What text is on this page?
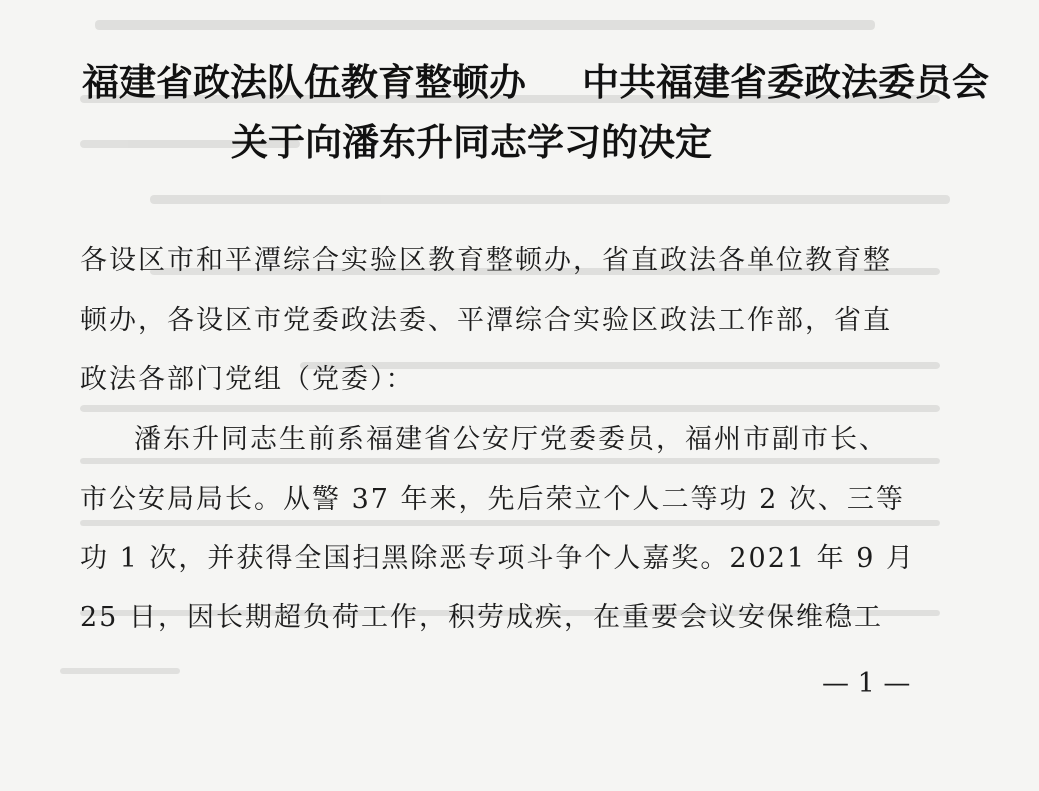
福建省政法队伍教育整顿办 中共福建省委政法委员会
关于向潘东升同志学习的决定
各设区市和平潭综合实验区教育整顿办，省直政法各单位教育整
顿办，各设区市党委政法委、平潭综合实验区政法工作部，省直
政法各部门党组（党委）：
潘东升同志生前系福建省公安厅党委委员，福州市副市长、
市公安局局长。从警 37 年来，先后荣立个人二等功 2 次、三等
功 1 次，并获得全国扫黑除恶专项斗争个人嘉奖。2021 年 9 月
25 日，因长期超负荷工作，积劳成疾，在重要会议安保维稳工
— 1 —
